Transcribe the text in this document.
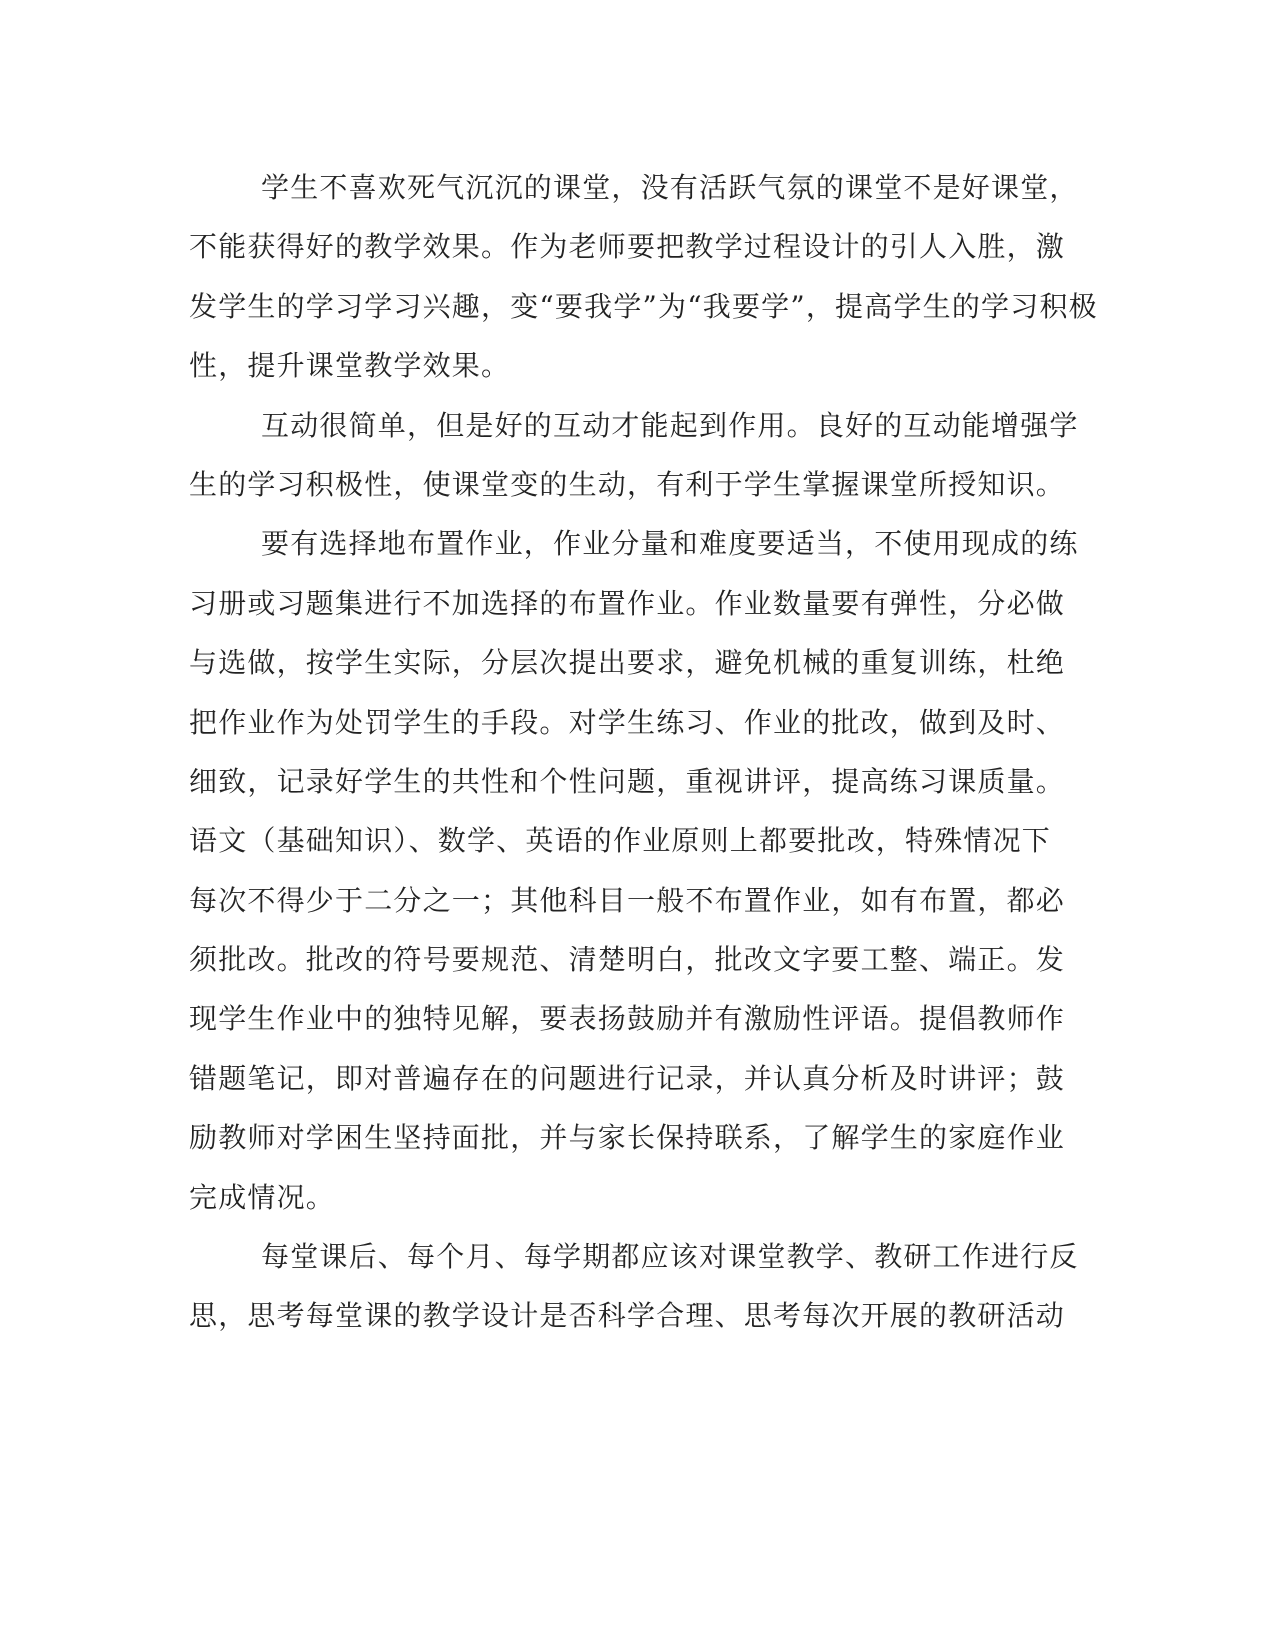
学生不喜欢死气沉沉的课堂，没有活跃气氛的课堂不是好课堂，
不能获得好的教学效果。作为老师要把教学过程设计的引人入胜，激
发学生的学习学习兴趣，变“要我学”为“我要学”，提高学生的学习积极
性，提升课堂教学效果。

互动很简单，但是好的互动才能起到作用。良好的互动能增强学
生的学习积极性，使课堂变的生动，有利于学生掌握课堂所授知识。

要有选择地布置作业，作业分量和难度要适当，不使用现成的练
习册或习题集进行不加选择的布置作业。作业数量要有弹性，分必做
与选做，按学生实际，分层次提出要求，避免机械的重复训练，杜绝
把作业作为处罚学生的手段。对学生练习、作业的批改，做到及时、
细致，记录好学生的共性和个性问题，重视讲评，提高练习课质量。
语文（基础知识）、数学、英语的作业原则上都要批改，特殊情况下
每次不得少于二分之一；其他科目一般不布置作业，如有布置，都必
须批改。批改的符号要规范、清楚明白，批改文字要工整、端正。发
现学生作业中的独特见解，要表扬鼓励并有激励性评语。提倡教师作
错题笔记，即对普遍存在的问题进行记录，并认真分析及时讲评；鼓
励教师对学困生坚持面批，并与家长保持联系，了解学生的家庭作业
完成情况。

每堂课后、每个月、每学期都应该对课堂教学、教研工作进行反
思，思考每堂课的教学设计是否科学合理、思考每次开展的教研活动
